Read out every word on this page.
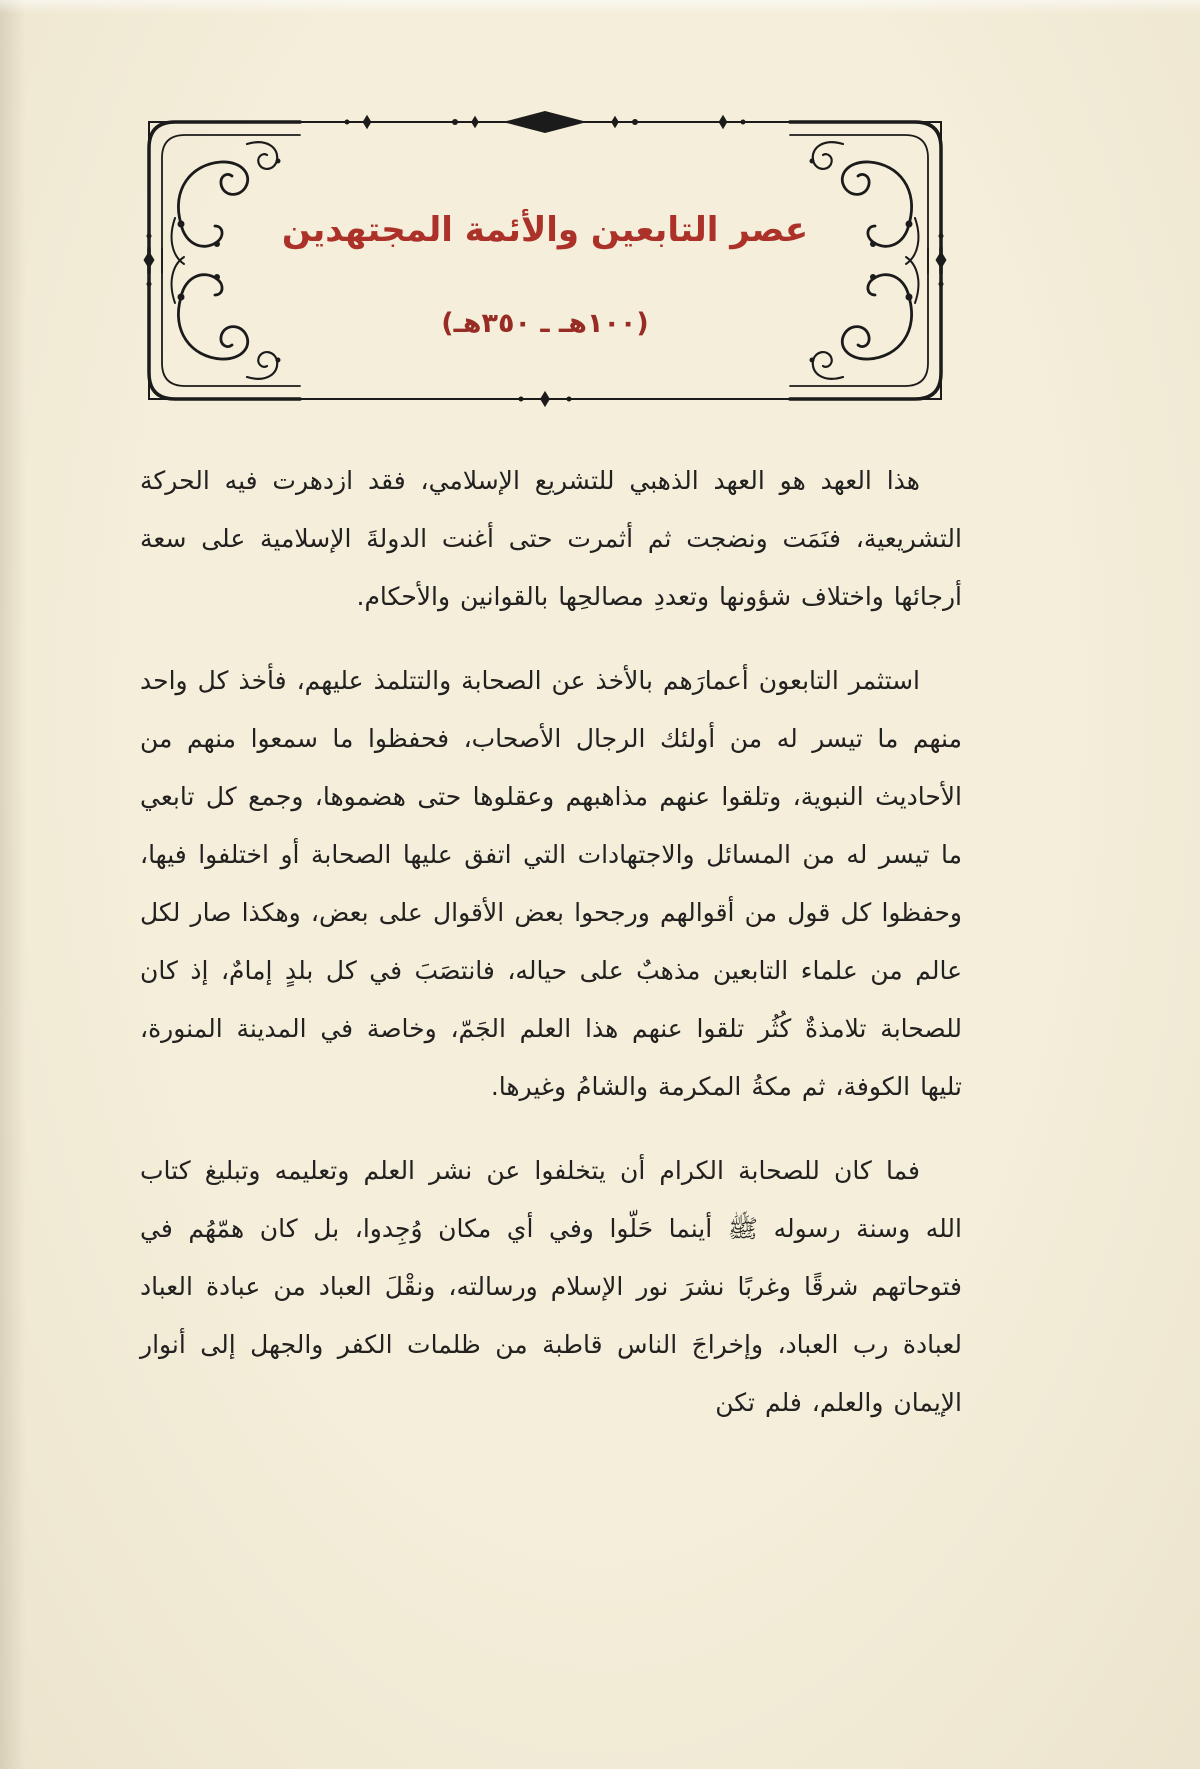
عصر التابعين والأئمة المجتهدين
(١٠٠هـ ـ ٣٥٠هـ)

هذا العهد هو العهد الذهبي للتشريع الإسلامي، فقد ازدهرت فيه الحركة التشريعية، فنَمَت ونضجت ثم أثمرت حتى أغنت الدولةَ الإسلامية على سعة أرجائها واختلاف شؤونها وتعددِ مصالحِها بالقوانين والأحكام.

استثمر التابعون أعمارَهم بالأخذ عن الصحابة والتتلمذ عليهم، فأخذ كل واحد منهم ما تيسر له من أولئك الرجال الأصحاب، فحفظوا ما سمعوا منهم من الأحاديث النبوية، وتلقوا عنهم مذاهبهم وعقلوها حتى هضموها، وجمع كل تابعي ما تيسر له من المسائل والاجتهادات التي اتفق عليها الصحابة أو اختلفوا فيها، وحفظوا كل قول من أقوالهم ورجحوا بعض الأقوال على بعض، وهكذا صار لكل عالم من علماء التابعين مذهبٌ على حياله، فانتصَبَ في كل بلدٍ إمامٌ، إذ كان للصحابة تلامذةٌ كُثُر تلقوا عنهم هذا العلم الجَمّ، وخاصة في المدينة المنورة، تليها الكوفة، ثم مكةُ المكرمة والشامُ وغيرها.

فما كان للصحابة الكرام أن يتخلفوا عن نشر العلم وتعليمه وتبليغ كتاب الله وسنة رسوله ﷺ أينما حَلّوا وفي أي مكان وُجِدوا، بل كان همّهُم في فتوحاتهم شرقًا وغربًا نشرَ نور الإسلام ورسالته، ونقْلَ العباد من عبادة العباد لعبادة رب العباد، وإخراجَ الناس قاطبة من ظلمات الكفر والجهل إلى أنوار الإيمان والعلم، فلم تكن
